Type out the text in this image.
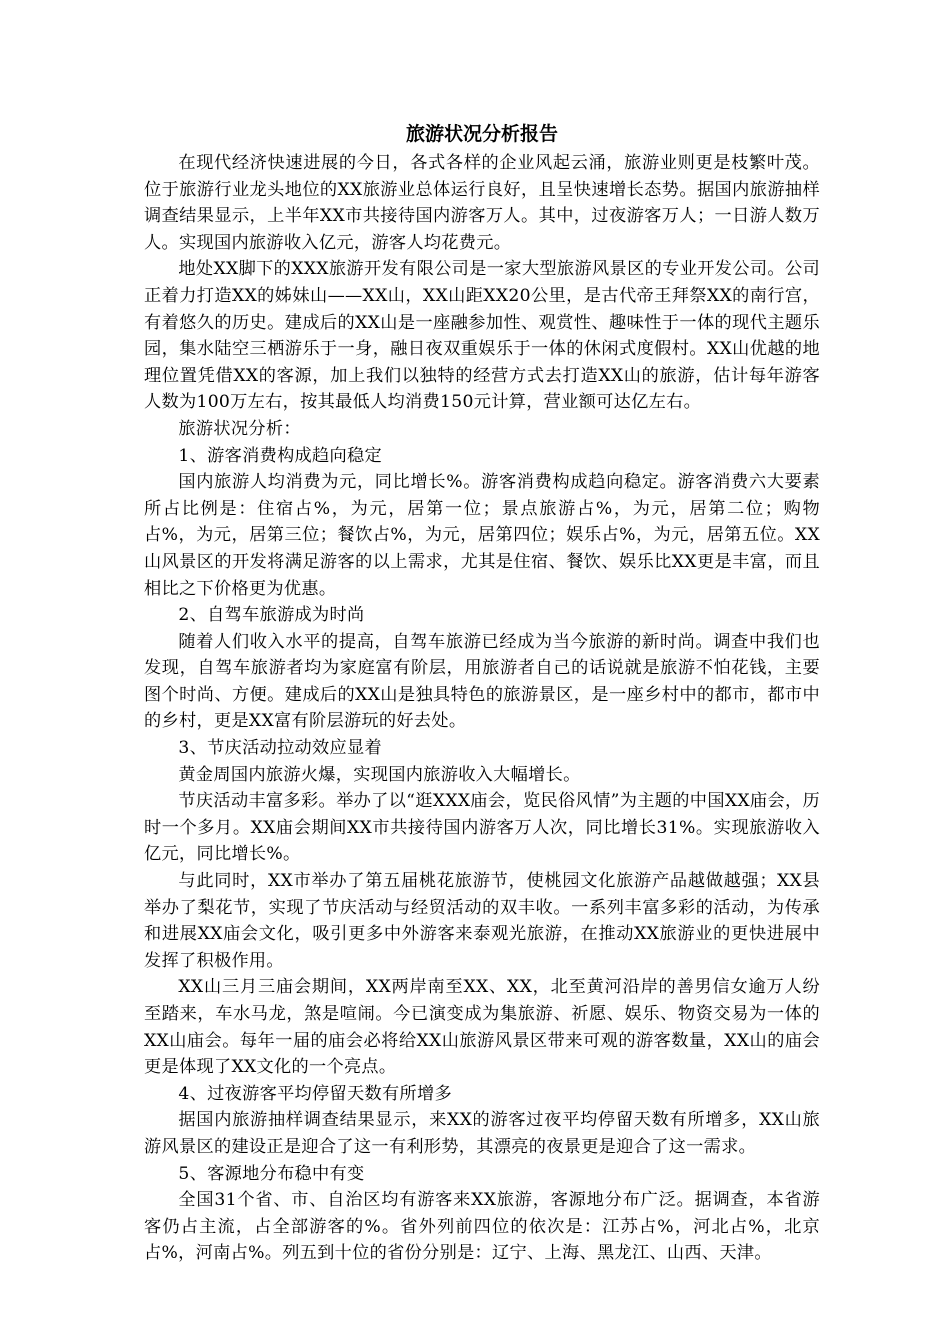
旅游状况分析报告

在现代经济快速进展的今日，各式各样的企业风起云涌，旅游业则更是枝繁叶茂。位于旅游行业龙头地位的XX旅游业总体运行良好，且呈快速增长态势。据国内旅游抽样调查结果显示，上半年XX市共接待国内游客万人。其中，过夜游客万人；一日游人数万人。实现国内旅游收入亿元，游客人均花费元。

地处XX脚下的XXX旅游开发有限公司是一家大型旅游风景区的专业开发公司。公司正着力打造XX的姊妹山——XX山，XX山距XX20公里，是古代帝王拜祭XX的南行宫，有着悠久的历史。建成后的XX山是一座融参加性、观赏性、趣味性于一体的现代主题乐园，集水陆空三栖游乐于一身，融日夜双重娱乐于一体的休闲式度假村。XX山优越的地理位置凭借XX的客源，加上我们以独特的经营方式去打造XX山的旅游，估计每年游客人数为100万左右，按其最低人均消费150元计算，营业额可达亿左右。

旅游状况分析：

1、游客消费构成趋向稳定

国内旅游人均消费为元，同比增长%。游客消费构成趋向稳定。游客消费六大要素所占比例是：住宿占%，为元，居第一位；景点旅游占%，为元，居第二位；购物占%，为元，居第三位；餐饮占%，为元，居第四位；娱乐占%，为元，居第五位。XX山风景区的开发将满足游客的以上需求，尤其是住宿、餐饮、娱乐比XX更是丰富，而且相比之下价格更为优惠。

2、自驾车旅游成为时尚

随着人们收入水平的提高，自驾车旅游已经成为当今旅游的新时尚。调查中我们也发现，自驾车旅游者均为家庭富有阶层，用旅游者自己的话说就是旅游不怕花钱，主要图个时尚、方便。建成后的XX山是独具特色的旅游景区，是一座乡村中的都市，都市中的乡村，更是XX富有阶层游玩的好去处。

3、节庆活动拉动效应显着

黄金周国内旅游火爆，实现国内旅游收入大幅增长。

节庆活动丰富多彩。举办了以“逛XXX庙会，览民俗风情”为主题的中国XX庙会，历时一个多月。XX庙会期间XX市共接待国内游客万人次，同比增长31%。实现旅游收入亿元，同比增长%。

与此同时，XX市举办了第五届桃花旅游节，使桃园文化旅游产品越做越强；XX县举办了梨花节，实现了节庆活动与经贸活动的双丰收。一系列丰富多彩的活动，为传承和进展XX庙会文化，吸引更多中外游客来泰观光旅游，在推动XX旅游业的更快进展中发挥了积极作用。

XX山三月三庙会期间，XX两岸南至XX、XX，北至黄河沿岸的善男信女逾万人纷至踏来，车水马龙，煞是喧闹。今已演变成为集旅游、祈愿、娱乐、物资交易为一体的XX山庙会。每年一届的庙会必将给XX山旅游风景区带来可观的游客数量，XX山的庙会更是体现了XX文化的一个亮点。

4、过夜游客平均停留天数有所增多

据国内旅游抽样调查结果显示，来XX的游客过夜平均停留天数有所增多，XX山旅游风景区的建设正是迎合了这一有利形势，其漂亮的夜景更是迎合了这一需求。

5、客源地分布稳中有变

全国31个省、市、自治区均有游客来XX旅游，客源地分布广泛。据调查，本省游客仍占主流，占全部游客的%。省外列前四位的依次是：江苏占%，河北占%，北京占%，河南占%。列五到十位的省份分别是：辽宁、上海、黑龙江、山西、天津。
